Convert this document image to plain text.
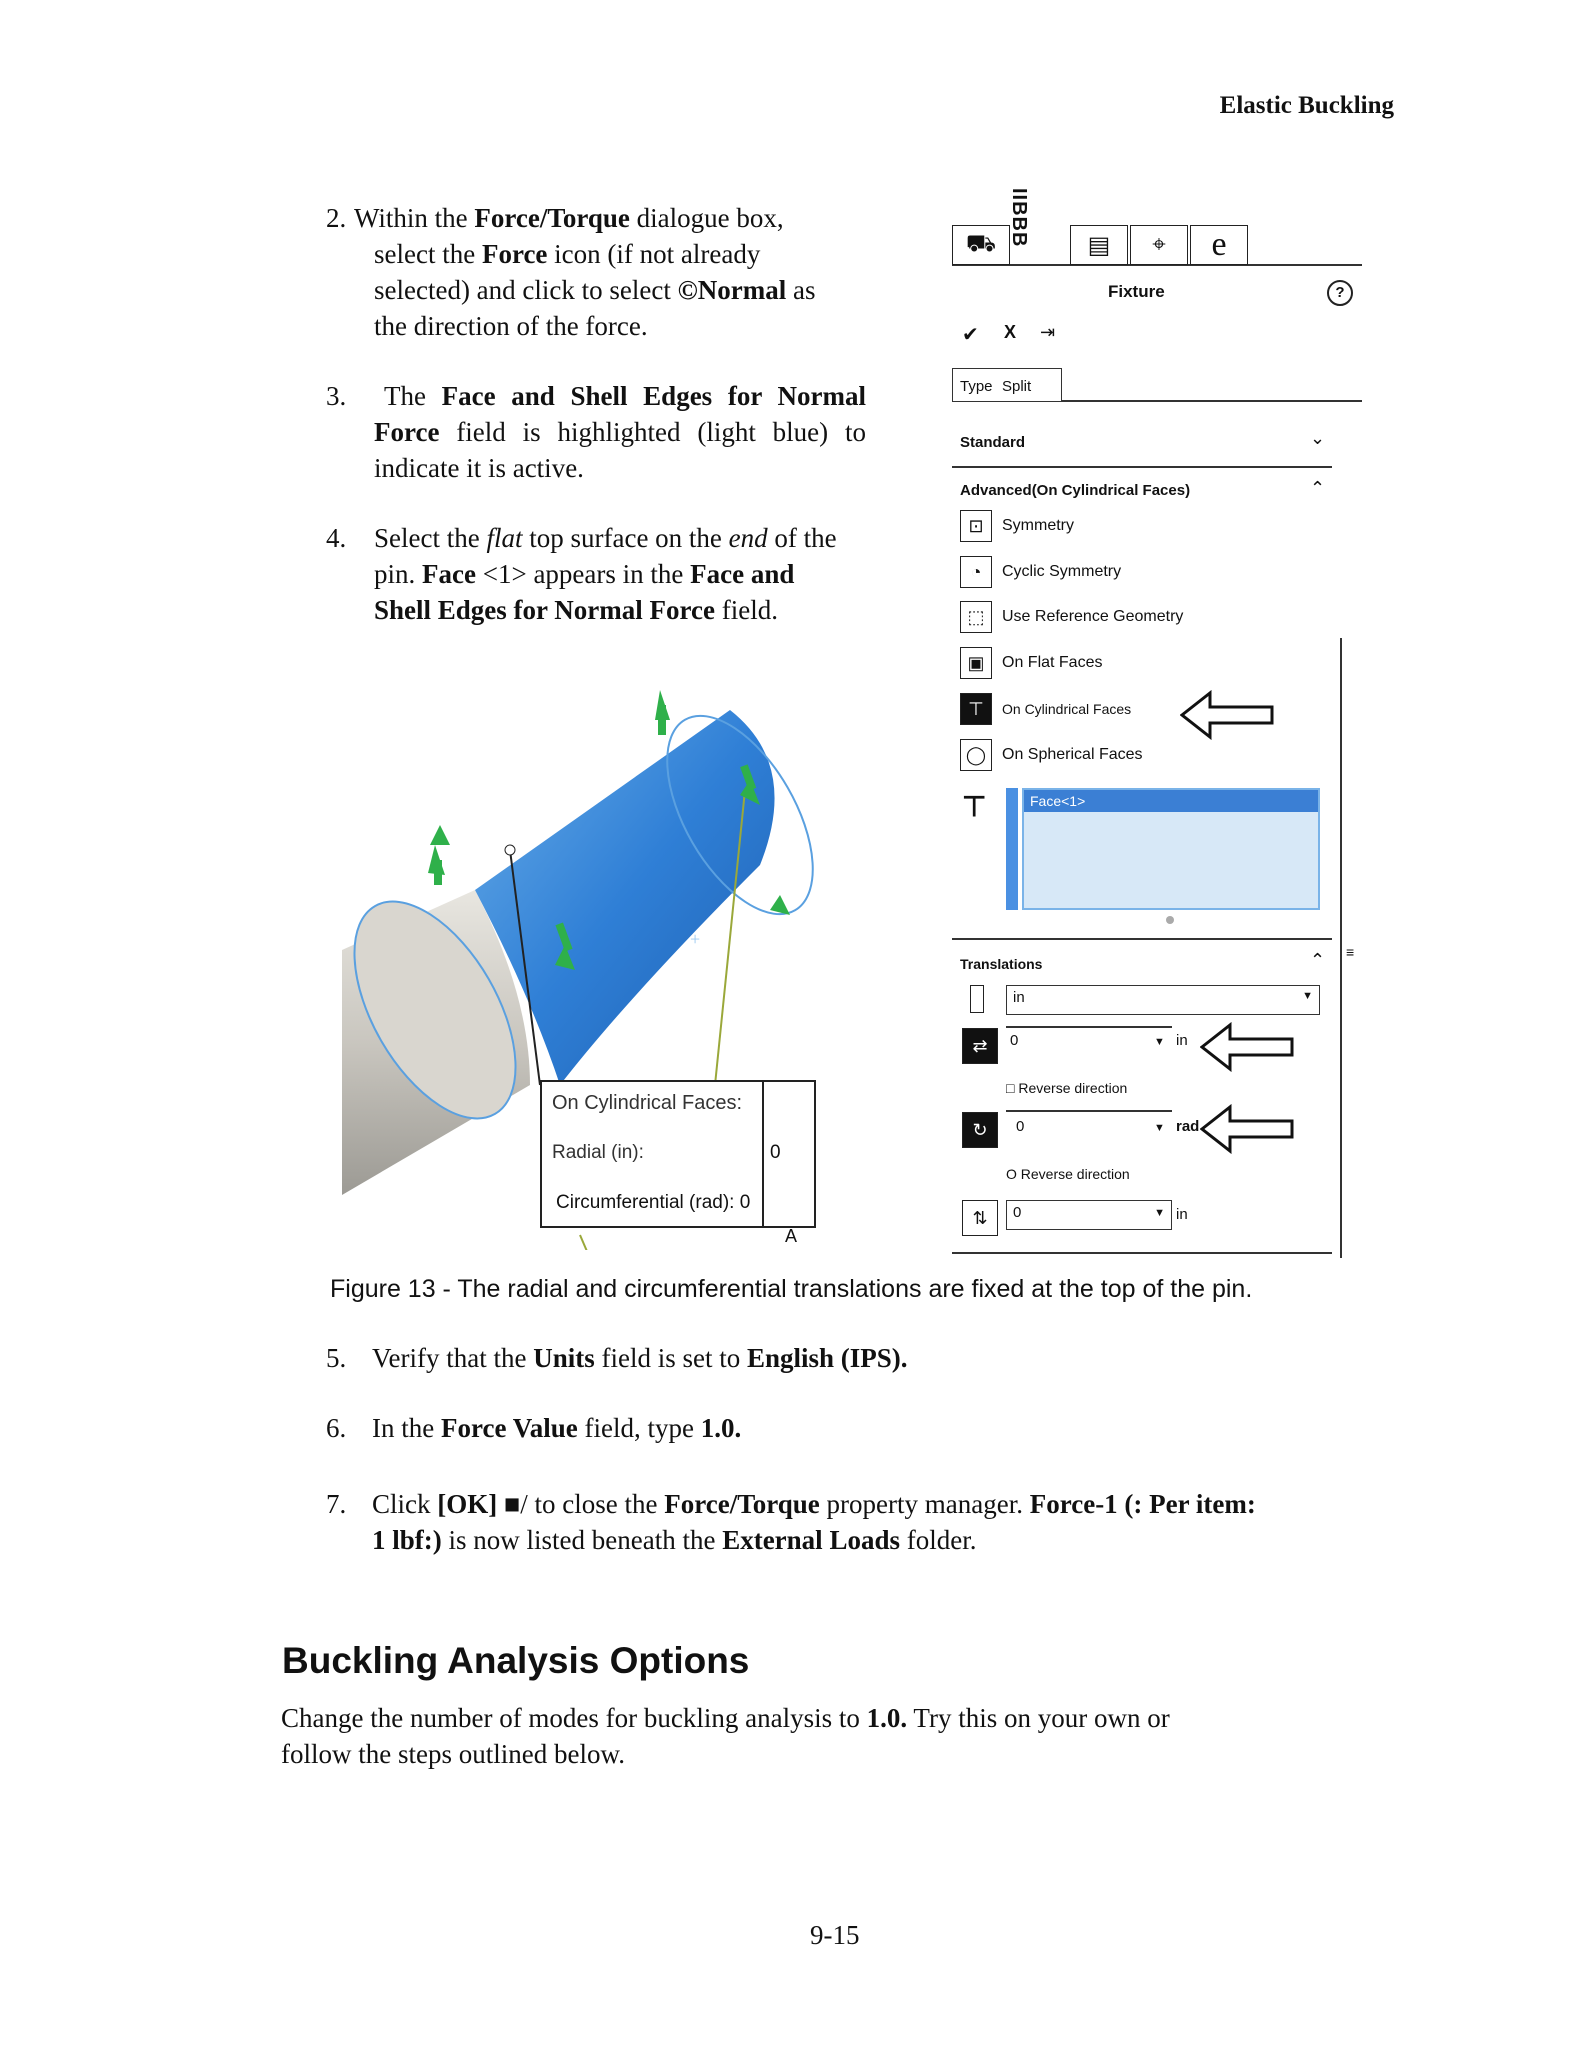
Elastic Buckling
2. Within the Force/Torque dialogue box,
select the Force icon (if not already
selected) and click to select ©Normal as
the direction of the force.
3. The Face and Shell Edges for Normal
Force field is highlighted (light blue) to
indicate it is active.
4. Select the flat top surface on the end of the
pin. Face <1> appears in the Face and
Shell Edges for Normal Force field.
+
On Cylindrical Faces:
Radial (in):	0
Circumferential (rad): 0
A
⛟ IIBBB	▤	⌖	e
Fixture	?
✔ X ⇥
Type Split
Standard	⌄
Advanced(On Cylindrical Faces)	⌃
⊡	Symmetry
◔	Cyclic Symmetry
⬚	Use Reference Geometry
▣	On Flat Faces
⊤	On Cylindrical Faces
◯ On Spherical Faces
⊤	Face<1>
Translations	⌃
in	▼
⇄	0	▼ in
□ Reverse direction
↻	0	▼ rad
O Reverse direction
⇅	0	▼ in
≡
Figure 13 - The radial and circumferential translations are fixed at the top of the pin.
5. Verify that the Units field is set to English (IPS).
6. In the Force Value field, type 1.0.
7. Click [OK] ■/ to close the Force/Torque property manager. Force-1 (: Per item:
1 lbf:) is now listed beneath the External Loads folder.
Buckling Analysis Options
Change the number of modes for buckling analysis to 1.0. Try this on your own or
follow the steps outlined below.
9-15
